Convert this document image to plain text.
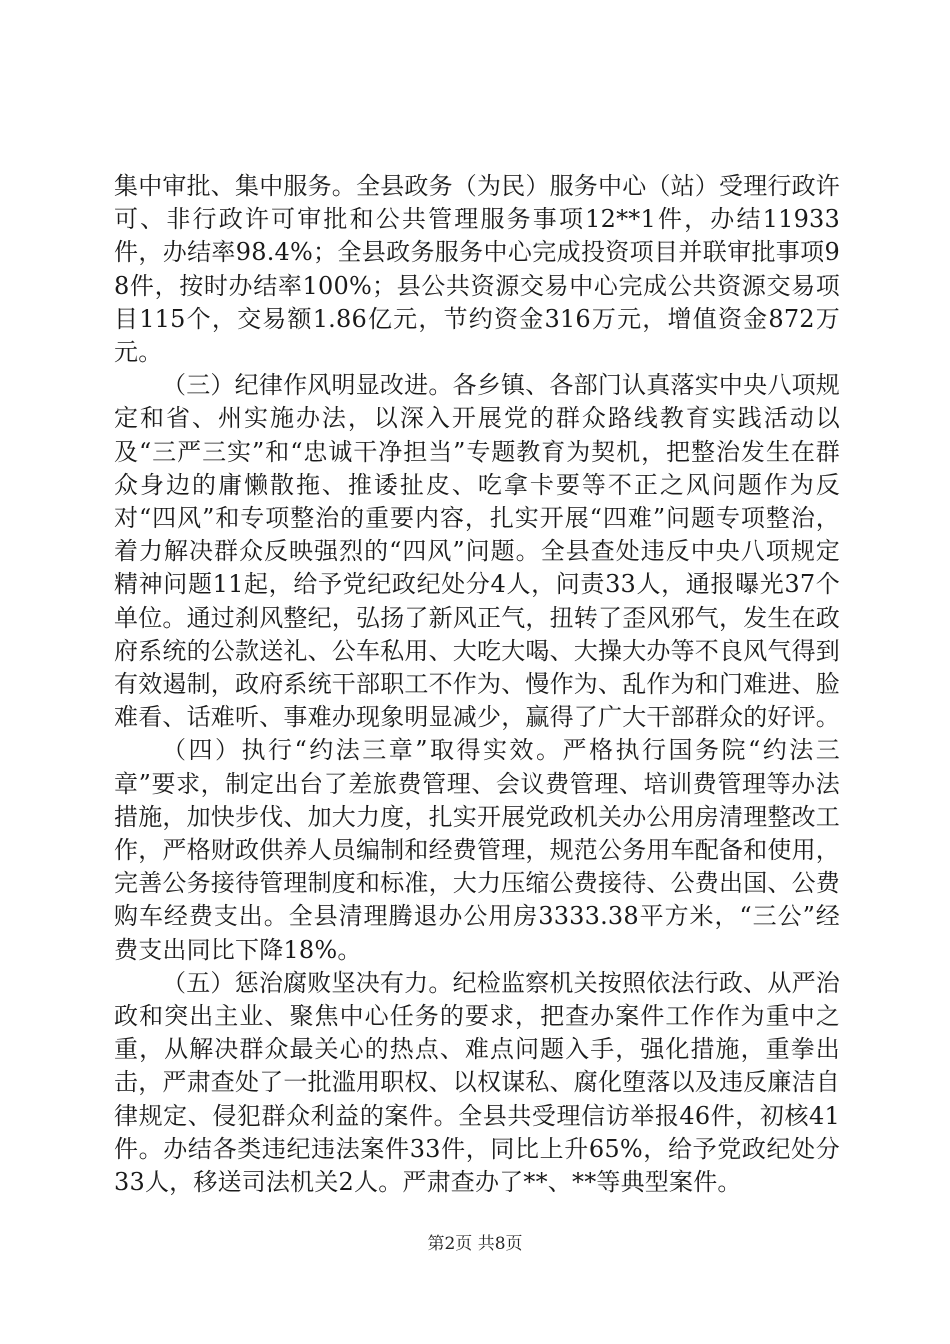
集中审批、集中服务。全县政务（为民）服务中心（站）受理行政许可、非行政许可审批和公共管理服务事项12**1件，办结11933件，办结率98.4%；全县政务服务中心完成投资项目并联审批事项98件，按时办结率100%；县公共资源交易中心完成公共资源交易项目115个，交易额1.86亿元，节约资金316万元，增值资金872万元。

（三）纪律作风明显改进。各乡镇、各部门认真落实中央八项规定和省、州实施办法，以深入开展党的群众路线教育实践活动以及“三严三实”和“忠诚干净担当”专题教育为契机，把整治发生在群众身边的庸懒散拖、推诿扯皮、吃拿卡要等不正之风问题作为反对“四风”和专项整治的重要内容，扎实开展“四难”问题专项整治，着力解决群众反映强烈的“四风”问题。全县查处违反中央八项规定精神问题11起，给予党纪政纪处分4人，问责33人，通报曝光37个单位。通过刹风整纪，弘扬了新风正气，扭转了歪风邪气，发生在政府系统的公款送礼、公车私用、大吃大喝、大操大办等不良风气得到有效遏制，政府系统干部职工不作为、慢作为、乱作为和门难进、脸难看、话难听、事难办现象明显减少，赢得了广大干部群众的好评。

（四）执行“约法三章”取得实效。严格执行国务院“约法三章”要求，制定出台了差旅费管理、会议费管理、培训费管理等办法措施，加快步伐、加大力度，扎实开展党政机关办公用房清理整改工作，严格财政供养人员编制和经费管理，规范公务用车配备和使用，完善公务接待管理制度和标准，大力压缩公费接待、公费出国、公费购车经费支出。全县清理腾退办公用房3333.38平方米，“三公”经费支出同比下降18%。

（五）惩治腐败坚决有力。纪检监察机关按照依法行政、从严治政和突出主业、聚焦中心任务的要求，把查办案件工作作为重中之重，从解决群众最关心的热点、难点问题入手，强化措施，重拳出击，严肃查处了一批滥用职权、以权谋私、腐化堕落以及违反廉洁自律规定、侵犯群众利益的案件。全县共受理信访举报46件，初核41件。办结各类违纪违法案件33件，同比上升65%，给予党政纪处分33人，移送司法机关2人。严肃查办了**、**等典型案件。

第2页 共8页
